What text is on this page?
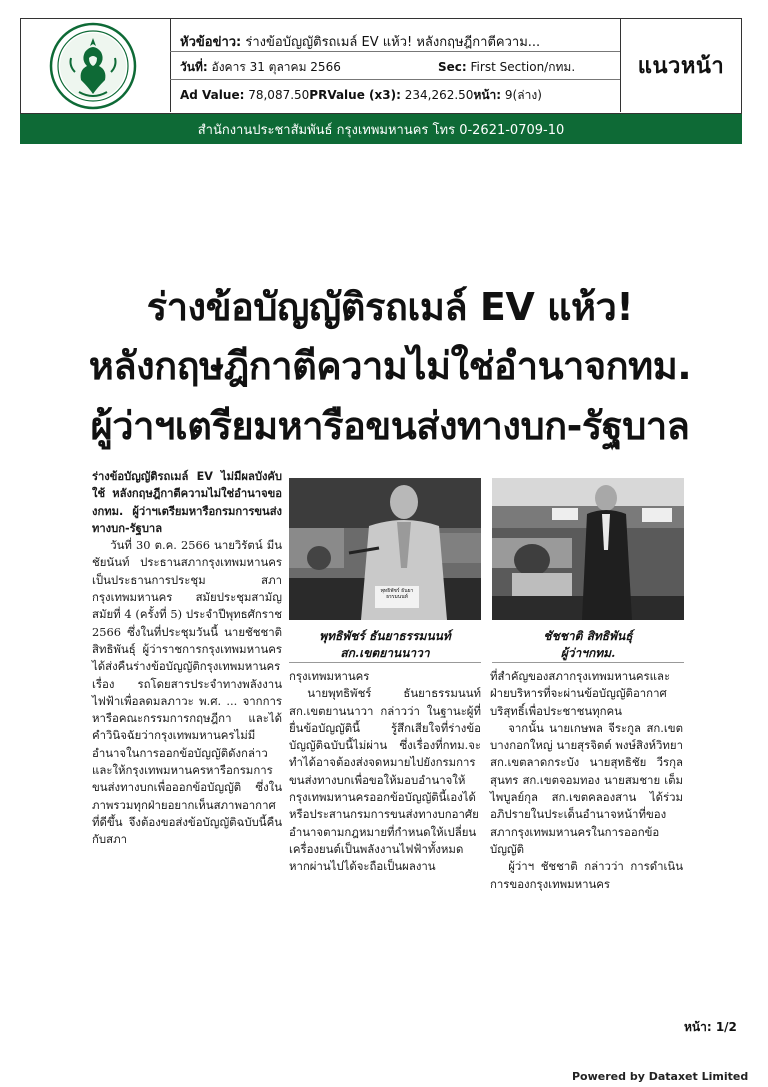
หัวข้อข่าว: ร่างข้อบัญญัติรถเมล์ EV แห้ว! หลังกฤษฎีกาตีความ...
วันที่: อังคาร 31 ตุลาคม 2566	Sec: First Section/กทม.
Ad Value: 78,087.50PRValue (x3): 234,262.50หน้า: 9(ล่าง)
แนวหน้า
สำนักงานประชาสัมพันธ์ กรุงเทพมหานคร โทร 0-2621-0709-10
ร่างข้อบัญญัติรถเมล์ EV แห้ว!
หลังกฤษฎีกาตีความไม่ใช่อำนาจกทม.
ผู้ว่าฯเตรียมหารือขนส่งทางบก-รัฐบาล

ร่างข้อบัญญัติรถเมล์ EV ไม่มีผลบังคับใช้ หลังกฤษฎีกาตีความไม่ใช่อำนาจของกทม. ผู้ว่าฯเตรียมหารือกรมการขนส่งทางบก-รัฐบาล

วันที่ 30 ต.ค. 2566 นายวิรัตน์ มีนชัยนันท์ ประธานสภากรุงเทพมหานคร เป็นประธานการประชุม สภากรุงเทพมหานคร สมัยประชุมสามัญ สมัยที่ 4 (ครั้งที่ 5) ประจำปีพุทธศักราช 2566 ซึ่งในที่ประชุมวันนี้ นายชัชชาติ สิทธิพันธุ์ ผู้ว่าราชการกรุงเทพมหานคร ได้ส่งคืนร่างข้อบัญญัติกรุงเทพมหานคร เรื่อง รถโดยสารประจำทางพลังงานไฟฟ้าเพื่อลดมลภาวะ พ.ศ. ... จากการหารือคณะกรรมการกฤษฎีกา และได้คำวินิจฉัยว่ากรุงเทพมหานครไม่มีอำนาจในการออกข้อบัญญัติดังกล่าว และให้กรุงเทพมหานครหารือกรมการขนส่งทางบกเพื่อออกข้อบัญญัติ ซึ่งในภาพรวมทุกฝ่ายอยากเห็นสภาพอากาศที่ดีขึ้น จึงต้องขอส่งข้อบัญญัติฉบับนี้คืนกับสภา

พุทธิพัชร์ ธันยาธรรมนนท์
พุทธิพัชร์ ธันยาธรรมนนท์
สก.เขตยานนาวา
ชัชชาติ สิทธิพันธุ์
ผู้ว่าฯกทม.

กรุงเทพมหานคร

นายพุทธิพัชร์ ธันยาธรรมนนท์ สก.เขตยานนาวา กล่าวว่า ในฐานะผู้ที่ยื่นข้อบัญญัตินี้ รู้สึกเสียใจที่ร่างข้อบัญญัติฉบับนี้ไม่ผ่าน ซึ่งเรื่องที่กทม.จะทำได้อาจต้องส่งจดหมายไปยังกรมการขนส่งทางบกเพื่อขอให้มอบอำนาจให้กรุงเทพมหานครออกข้อบัญญัตินี้เองได้ หรือประสานกรมการขนส่งทางบกอาศัยอำนาจตามกฎหมายที่กำหนดให้เปลี่ยนเครื่องยนต์เป็นพลังงานไฟฟ้าทั้งหมด หากผ่านไปได้จะถือเป็นผลงาน

ที่สำคัญของสภากรุงเทพมหานครและฝ่ายบริหารที่จะผ่านข้อบัญญัติอากาศบริสุทธิ์เพื่อประชาชนทุกคน

จากนั้น นายเกษพล จีระกูล สก.เขตบางกอกใหญ่ นายสุรจิตต์ พงษ์สิงห์วิทยา สก.เขตลาดกระบัง นายสุทธิชัย วีรกุลสุนทร สก.เขตจอมทอง นายสมชาย เต็มไพบูลย์กุล สก.เขตคลองสาน ได้ร่วมอภิปรายในประเด็นอำนาจหน้าที่ของสภากรุงเทพมหานครในการออกข้อบัญญัติ

ผู้ว่าฯ ชัชชาติ กล่าวว่า การดำเนินการของกรุงเทพมหานคร

หน้า: 1/2
Powered by Dataxet Limited
